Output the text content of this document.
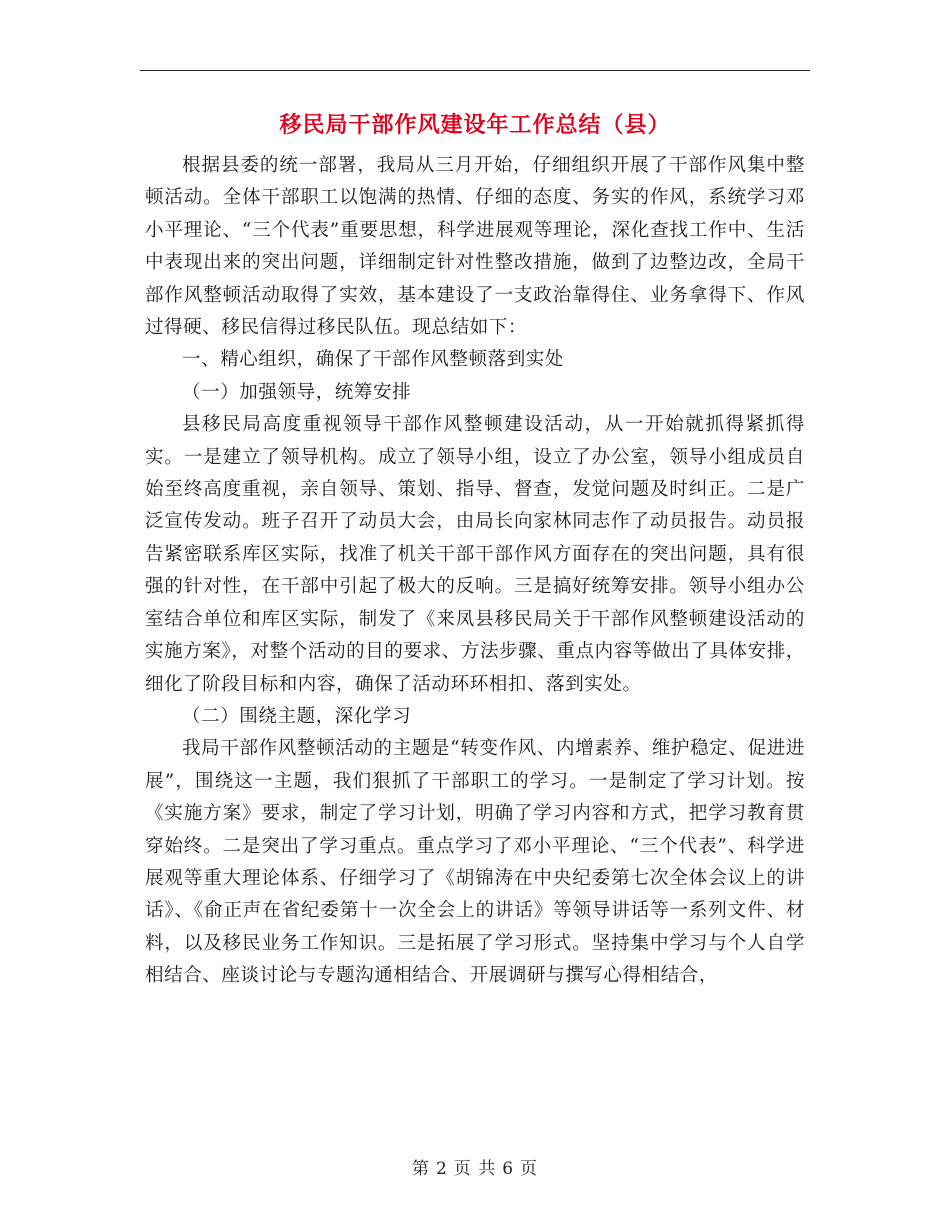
移民局干部作风建设年工作总结（县）

根据县委的统一部署，我局从三月开始，仔细组织开展了干部作风集中整顿活动。全体干部职工以饱满的热情、仔细的态度、务实的作风，系统学习邓小平理论、“三个代表”重要思想，科学进展观等理论，深化查找工作中、生活中表现出来的突出问题，详细制定针对性整改措施，做到了边整边改，全局干部作风整顿活动取得了实效，基本建设了一支政治靠得住、业务拿得下、作风过得硬、移民信得过移民队伍。现总结如下：

一、精心组织，确保了干部作风整顿落到实处

（一）加强领导，统筹安排

县移民局高度重视领导干部作风整顿建设活动，从一开始就抓得紧抓得实。一是建立了领导机构。成立了领导小组，设立了办公室，领导小组成员自始至终高度重视，亲自领导、策划、指导、督查，发觉问题及时纠正。二是广泛宣传发动。班子召开了动员大会，由局长向家林同志作了动员报告。动员报告紧密联系库区实际，找准了机关干部干部作风方面存在的突出问题，具有很强的针对性，在干部中引起了极大的反响。三是搞好统筹安排。领导小组办公室结合单位和库区实际，制发了《来凤县移民局关于干部作风整顿建设活动的实施方案》，对整个活动的目的要求、方法步骤、重点内容等做出了具体安排，细化了阶段目标和内容，确保了活动环环相扣、落到实处。

（二）围绕主题，深化学习

我局干部作风整顿活动的主题是“转变作风、内增素养、维护稳定、促进进展”，围绕这一主题，我们狠抓了干部职工的学习。一是制定了学习计划。按《实施方案》要求，制定了学习计划，明确了学习内容和方式，把学习教育贯穿始终。二是突出了学习重点。重点学习了邓小平理论、“三个代表”、科学进展观等重大理论体系、仔细学习了《胡锦涛在中央纪委第七次全体会议上的讲话》、《俞正声在省纪委第十一次全会上的讲话》等领导讲话等一系列文件、材料，以及移民业务工作知识。三是拓展了学习形式。坚持集中学习与个人自学相结合、座谈讨论与专题沟通相结合、开展调研与撰写心得相结合，

第 2 页 共 6 页
